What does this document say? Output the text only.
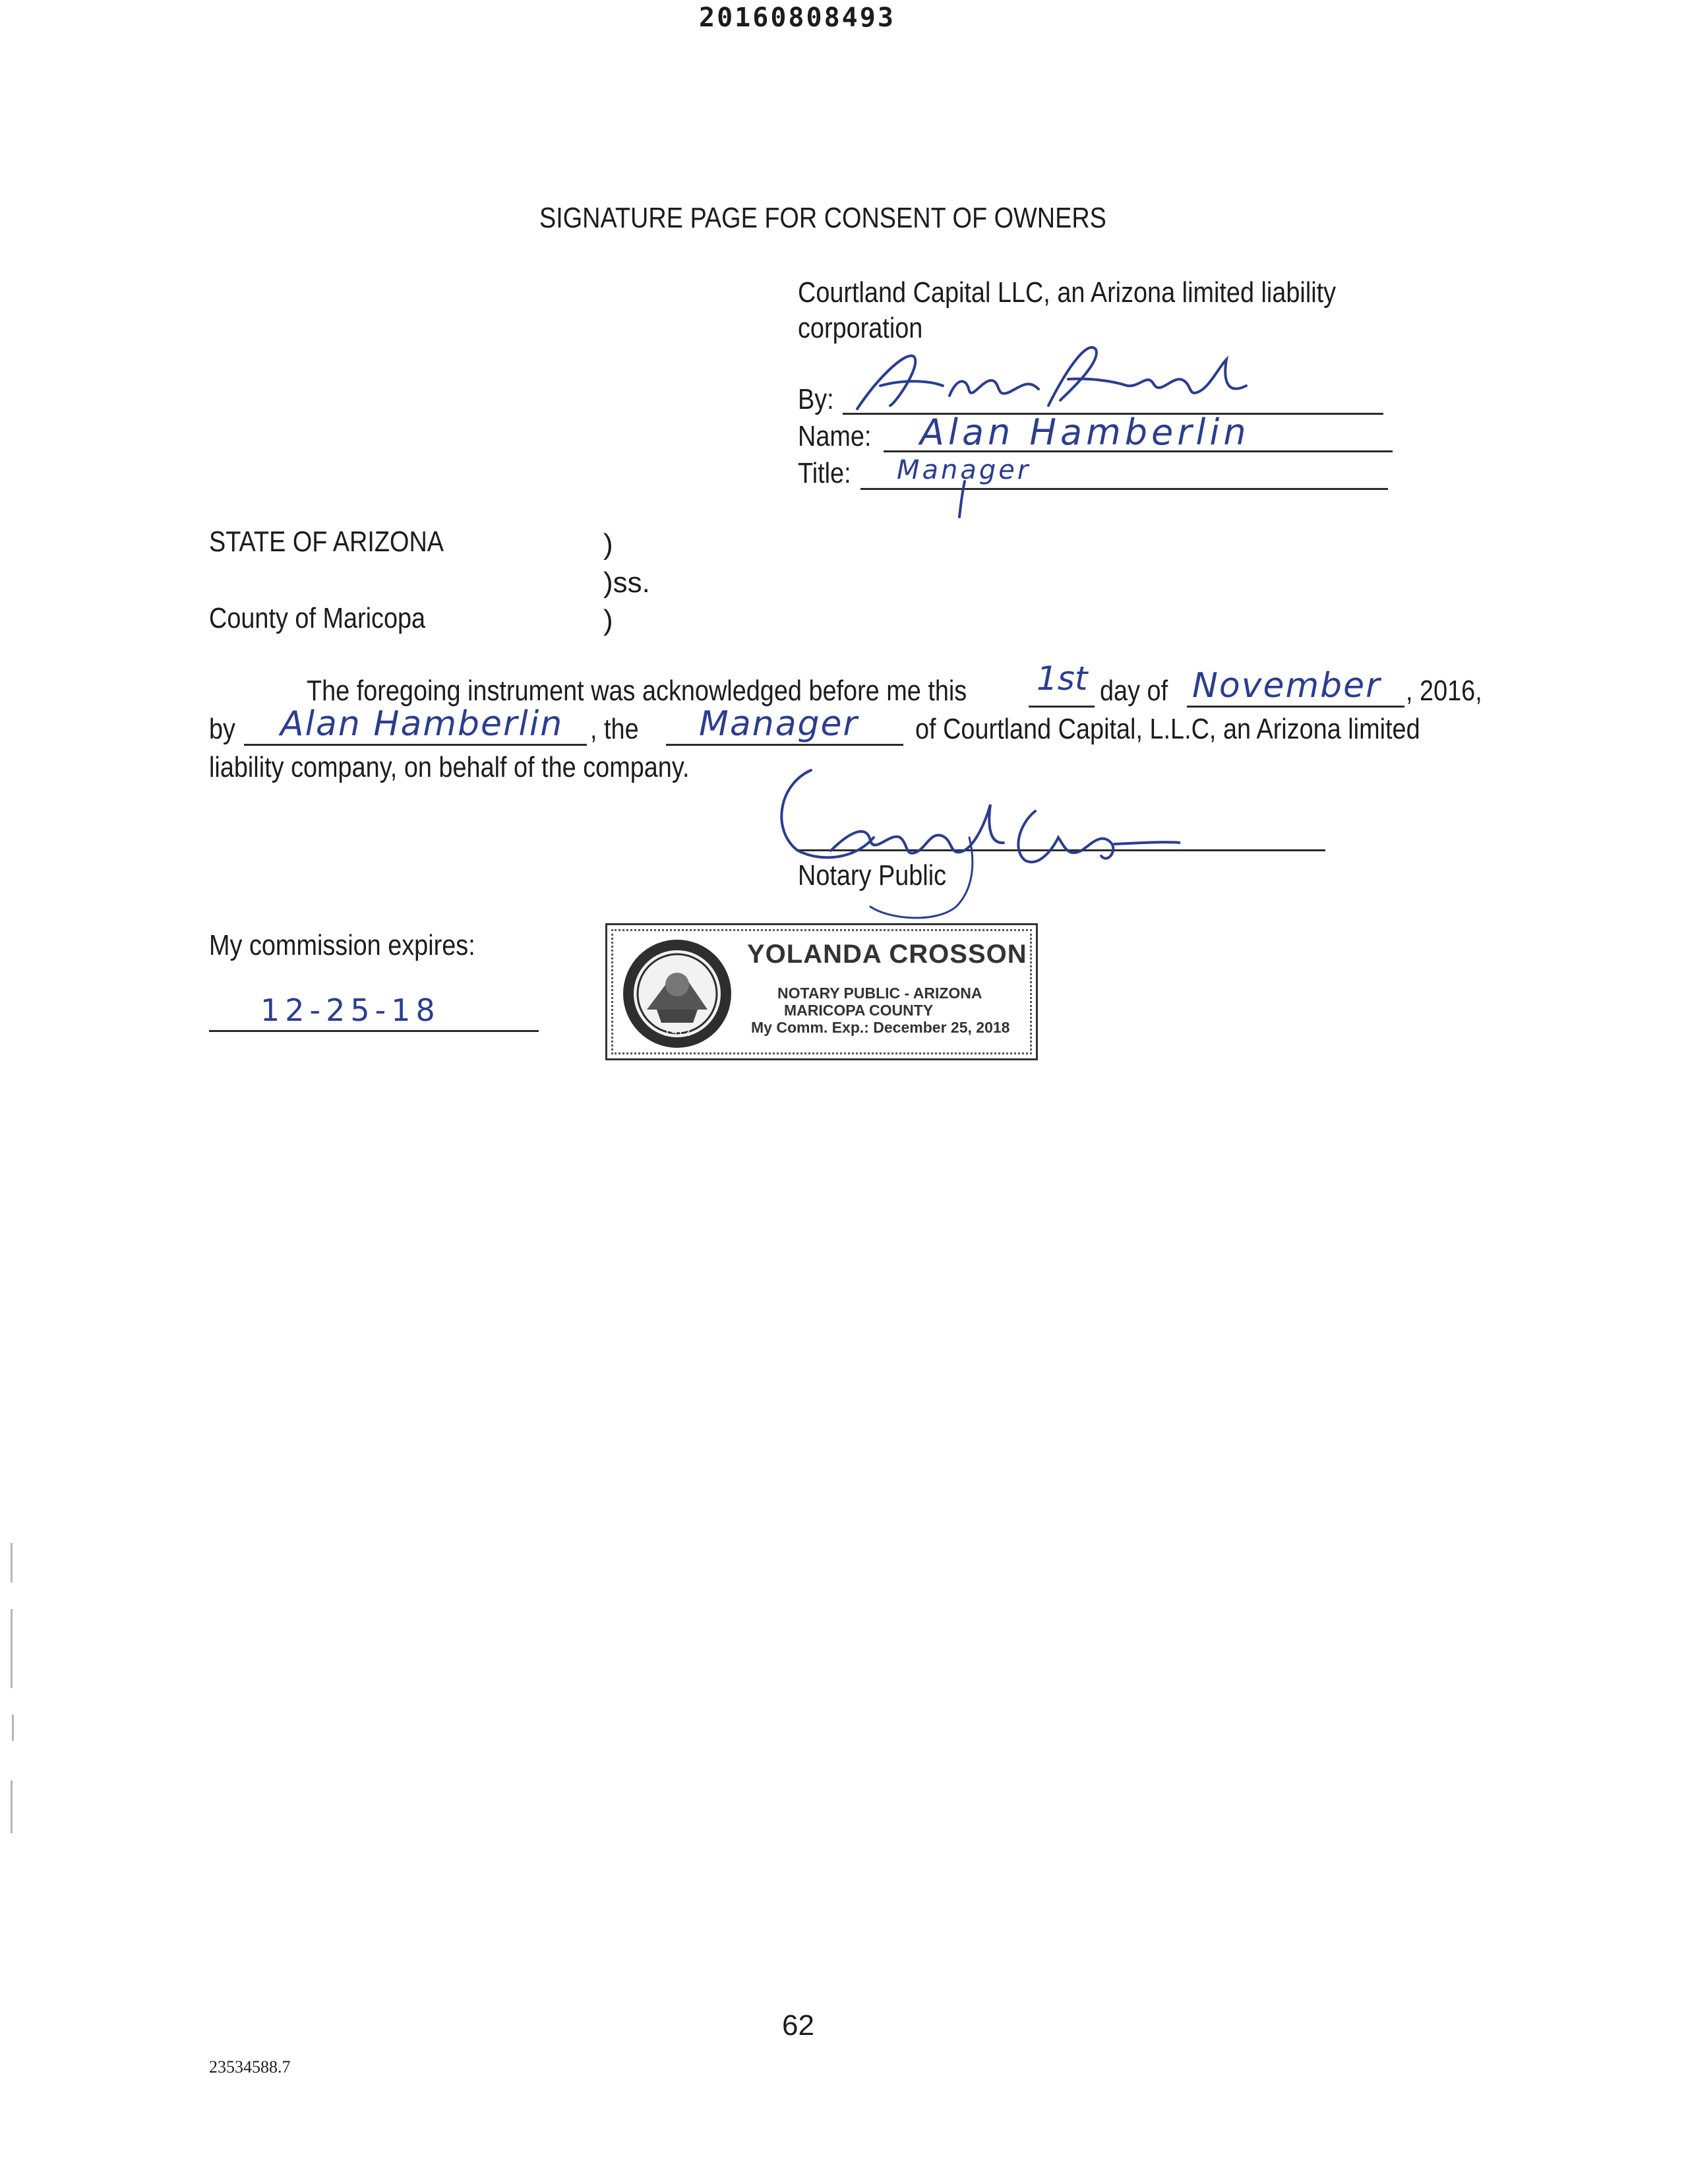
20160808493
SIGNATURE PAGE FOR CONSENT OF OWNERS
Courtland Capital LLC, an Arizona limited liability
corporation
By:
Name:	Alan Hamberlin
Title:	Manager
STATE OF ARIZONA	)
)ss.
County of Maricopa	)
The foregoing instrument was acknowledged before me this	1st day of November , 2016,
by Alan Hamberlin , the Manager of Courtland Capital, L.L.C, an Arizona limited
liability company, on behalf of the company.
Notary Public
My commission expires:
12-25-18
1912
YOLANDA CROSSON
NOTARY PUBLIC - ARIZONA
MARICOPA COUNTY
My Comm. Exp.: December 25, 2018
62
23534588.7
